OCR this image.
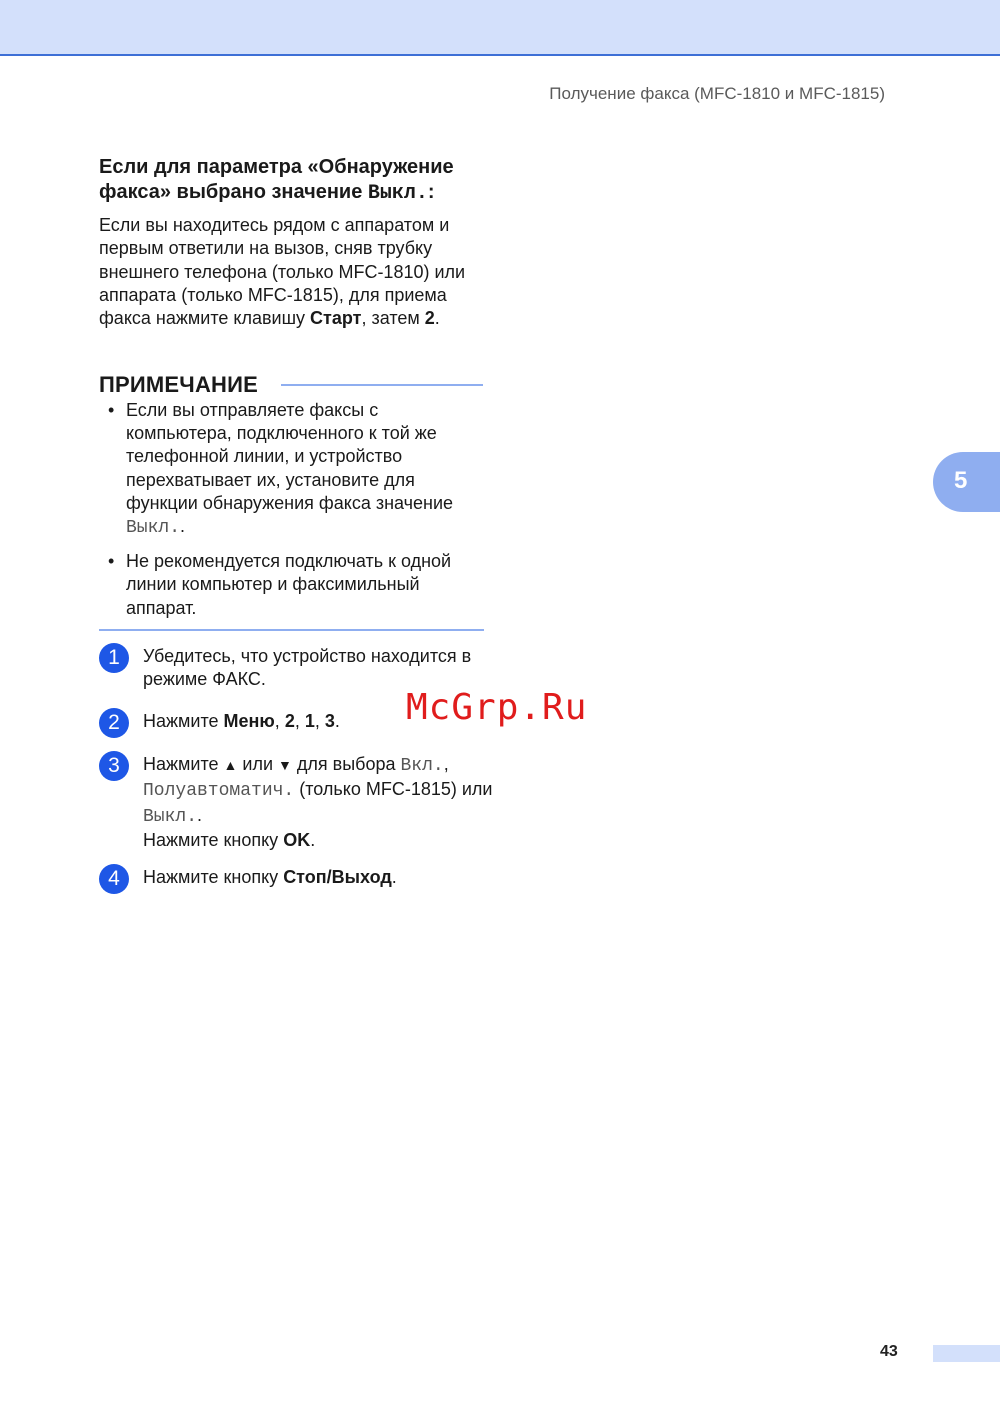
Получение факса (MFC-1810 и MFC-1815)
5
Если для параметра «Обнаружение факса» выбрано значение Выкл.:

Если вы находитесь рядом с аппаратом и первым ответили на вызов, сняв трубку внешнего телефона (только MFC-1810) или аппарата (только MFC-1815), для приема факса нажмите клавишу Старт, затем 2.

ПРИМЕЧАНИЕ
• Если вы отправляете факсы с компьютера, подключенного к той же телефонной линии, и устройство перехватывает их, установите для функции обнаружения факса значение Выкл..
• Не рекомендуется подключать к одной линии компьютер и факсимильный аппарат.
1	Убедитесь, что устройство находится в режиме ФАКС.
2	Нажмите Меню, 2, 1, 3.
3	Нажмите ▲ или ▼ для выбора Вкл., Полуавтоматич. (только MFC-1815) или Выкл..
Нажмите кнопку OK.
4	Нажмите кнопку Стоп/Выход.
McGrp.Ru
43
